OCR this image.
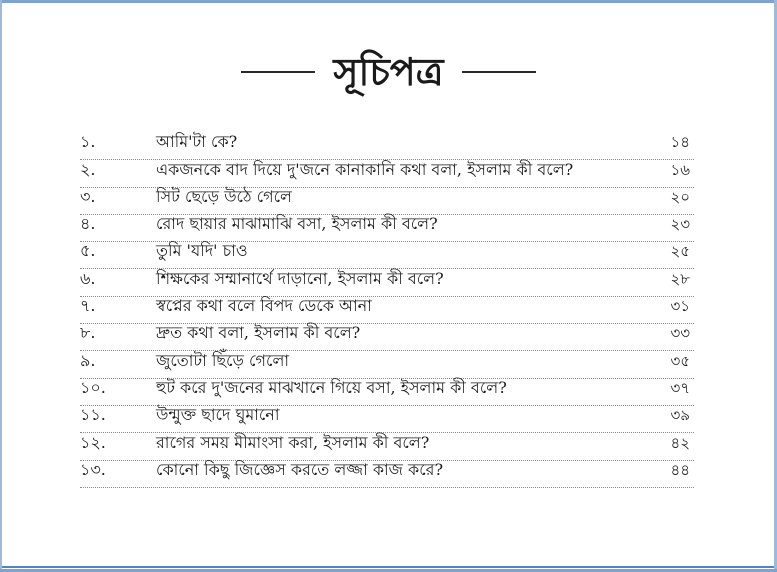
সূচিপত্র
১.	আমি'টা কে?	১৪
২.	একজনকে বাদ দিয়ে দু'জনে কানাকানি কথা বলা, ইসলাম কী বলে?	১৬
৩.	সিট ছেড়ে উঠে গেলে	২০
৪.	রোদ ছায়ার মাঝামাঝি বসা, ইসলাম কী বলে?	২৩
৫.	তুমি 'যদি' চাও	২৫
৬.	শিক্ষকের সম্মানার্থে দাড়ানো, ইসলাম কী বলে?	২৮
৭.	স্বপ্নের কথা বলে বিপদ ডেকে আনা	৩১
৮.	দ্রুত কথা বলা, ইসলাম কী বলে?	৩৩
৯.	জুতোটা ছিঁড়ে গেলো	৩৫
১০.	হুট করে দু'জনের মাঝখানে গিয়ে বসা, ইসলাম কী বলে?	৩৭
১১.	উন্মুক্ত ছাদে ঘুমানো	৩৯
১২.	রাগের সময় মীমাংসা করা, ইসলাম কী বলে?	৪২
১৩.	কোনো কিছু জিজ্ঞেস করতে লজ্জা কাজ করে?	৪৪
